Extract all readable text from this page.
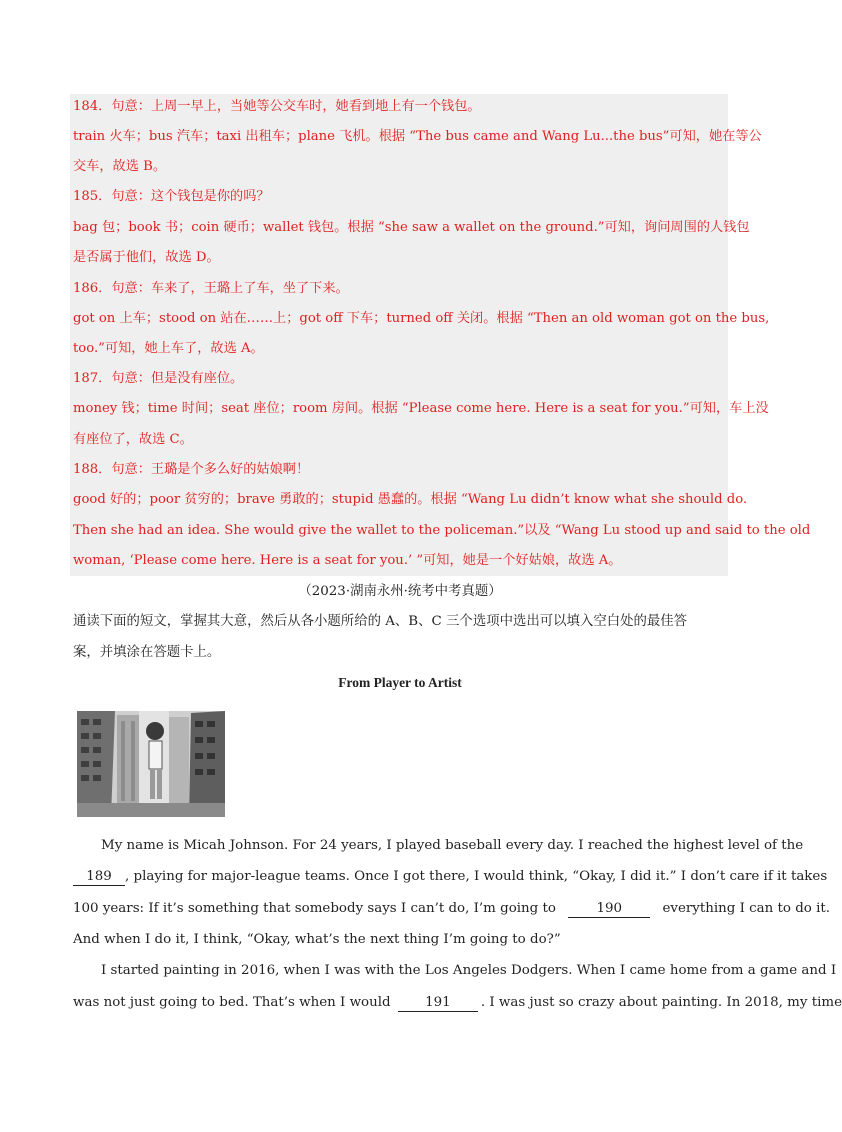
184．句意：上周一早上，当她等公交车时，她看到地上有一个钱包。
train 火车；bus 汽车；taxi 出租车；plane 飞机。根据 “The bus came and Wang Lu...the bus”可知，她在等公
交车，故选 B。
185．句意：这个钱包是你的吗？
bag 包；book 书；coin 硬币；wallet 钱包。根据 “she saw a wallet on the ground.”可知，询问周围的人钱包
是否属于他们，故选 D。
186．句意：车来了，王璐上了车，坐了下来。
got on 上车；stood on 站在……上；got off 下车；turned off 关闭。根据 “Then an old woman got on the bus,
too.”可知，她上车了，故选 A。
187．句意：但是没有座位。
money 钱；time 时间；seat 座位；room 房间。根据 “Please come here. Here is a seat for you.”可知，车上没
有座位了，故选 C。
188．句意：王璐是个多么好的姑娘啊！
good 好的；poor 贫穷的；brave 勇敢的；stupid 愚蠢的。根据 “Wang Lu didn’t know what she should do.
Then she had an idea. She would give the wallet to the policeman.”以及 “Wang Lu stood up and said to the old
woman, ‘Please come here. Here is a seat for you.’ ”可知，她是一个好姑娘，故选 A。
（2023·湖南永州·统考中考真题）
通读下面的短文，掌握其大意，然后从各小题所给的 A、B、C 三个选项中选出可以填入空白处的最佳答
案，并填涂在答题卡上。
From Player to Artist
My name is Micah Johnson. For 24 years, I played baseball every day. I reached the highest level of the
189 , playing for major-league teams. Once I got there, I would think, “Okay, I did it.” I don’t care if it takes
100 years: If it’s something that somebody says I can’t do, I’m going to	190	everything I can to do it.
And when I do it, I think, “Okay, what’s the next thing I’m going to do?”
I started painting in 2016, when I was with the Los Angeles Dodgers. When I came home from a game and I
was not just going to bed. That’s when I would	191 . I was just so crazy about painting. In 2018, my time
